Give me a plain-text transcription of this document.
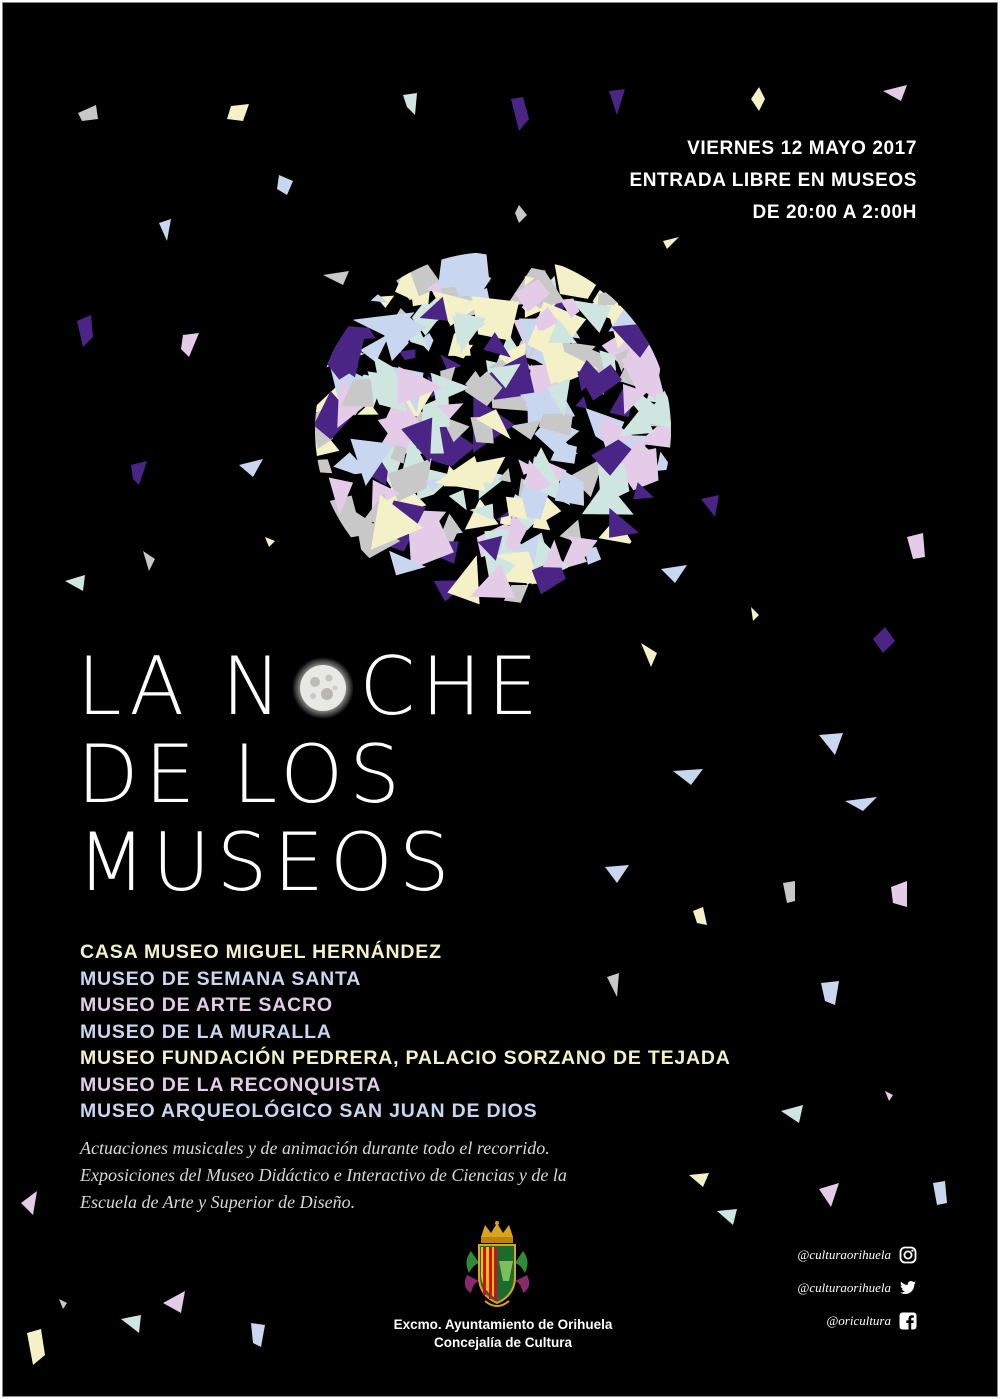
VIERNES 12 MAYO 2017
ENTRADA LIBRE EN MUSEOS
DE 20:00 A 2:00H
LA N CHE
DE LOS
MUSEOS
CASA MUSEO MIGUEL HERNÁNDEZ
MUSEO DE SEMANA SANTA
MUSEO DE ARTE SACRO
MUSEO DE LA MURALLA
MUSEO FUNDACIÓN PEDRERA, PALACIO SORZANO DE TEJADA
MUSEO DE LA RECONQUISTA
MUSEO ARQUEOLÓGICO SAN JUAN DE DIOS
Actuaciones musicales y de animación durante todo el recorrido.
Exposiciones del Museo Didáctico e Interactivo de Ciencias y de la
Escuela de Arte y Superior de Diseño.
Excmo. Ayuntamiento de Orihuela
Concejalía de Cultura
@culturaorihuela
@culturaorihuela
@oricultura
